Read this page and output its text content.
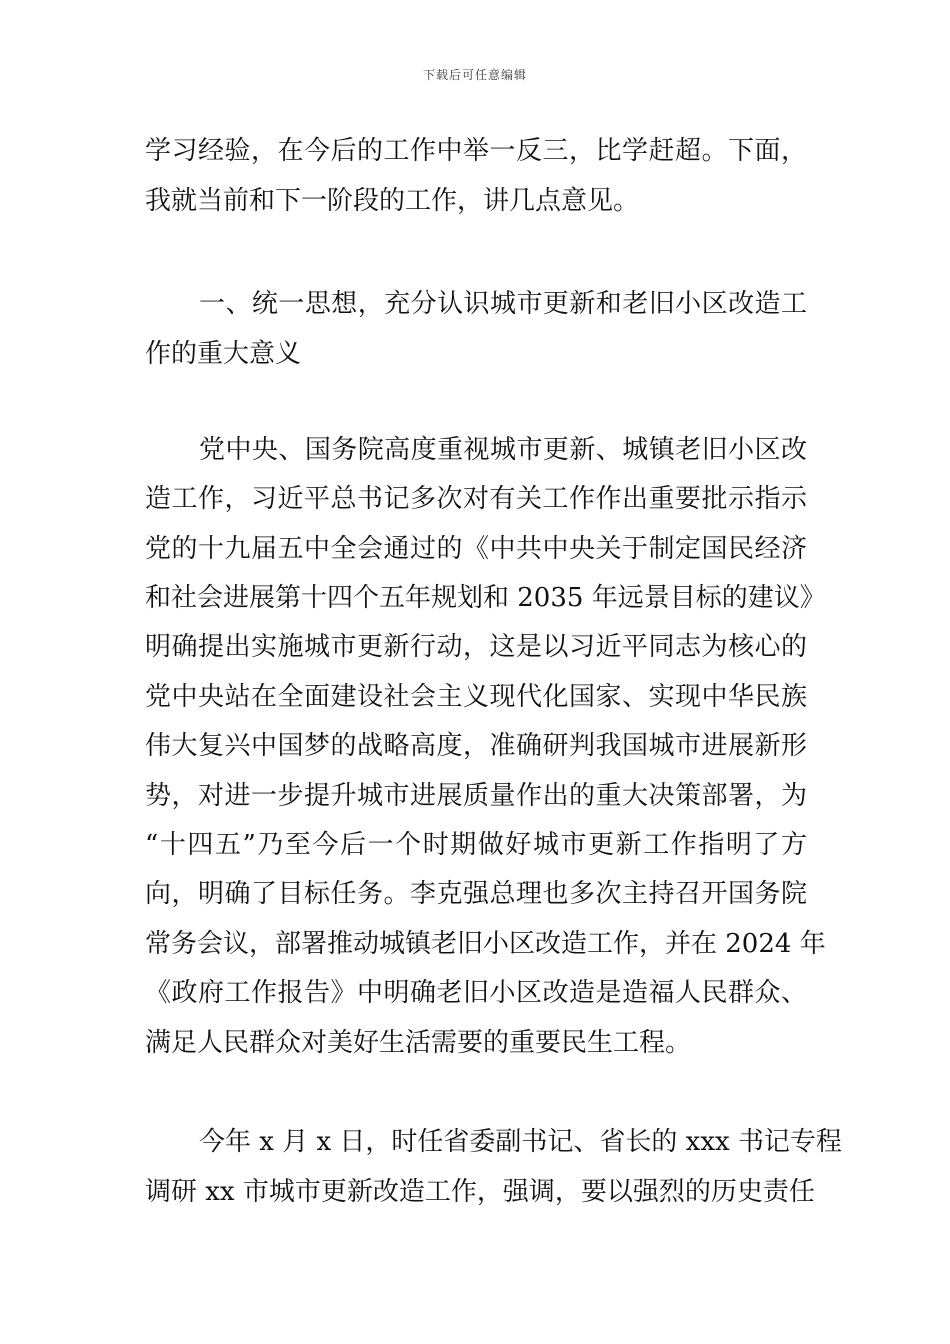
下载后可任意编辑
学习经验，在今后的工作中举一反三，比学赶超。下面，
我就当前和下一阶段的工作，讲几点意见。
一、统一思想，充分认识城市更新和老旧小区改造工
作的重大意义
党中央、国务院高度重视城市更新、城镇老旧小区改
造工作，习近平总书记多次对有关工作作出重要批示指示
党的十九届五中全会通过的《中共中央关于制定国民经济
和社会进展第十四个五年规划和 2035 年远景目标的建议》
明确提出实施城市更新行动，这是以习近平同志为核心的
党中央站在全面建设社会主义现代化国家、实现中华民族
伟大复兴中国梦的战略高度，准确研判我国城市进展新形
势，对进一步提升城市进展质量作出的重大决策部署，为
“十四五”乃至今后一个时期做好城市更新工作指明了方
向，明确了目标任务。李克强总理也多次主持召开国务院
常务会议，部署推动城镇老旧小区改造工作，并在 2024 年
《政府工作报告》中明确老旧小区改造是造福人民群众、
满足人民群众对美好生活需要的重要民生工程。
今年 x 月 x 日，时任省委副书记、省长的 xxx 书记专程
调研 xx 市城市更新改造工作，强调，要以强烈的历史责任
